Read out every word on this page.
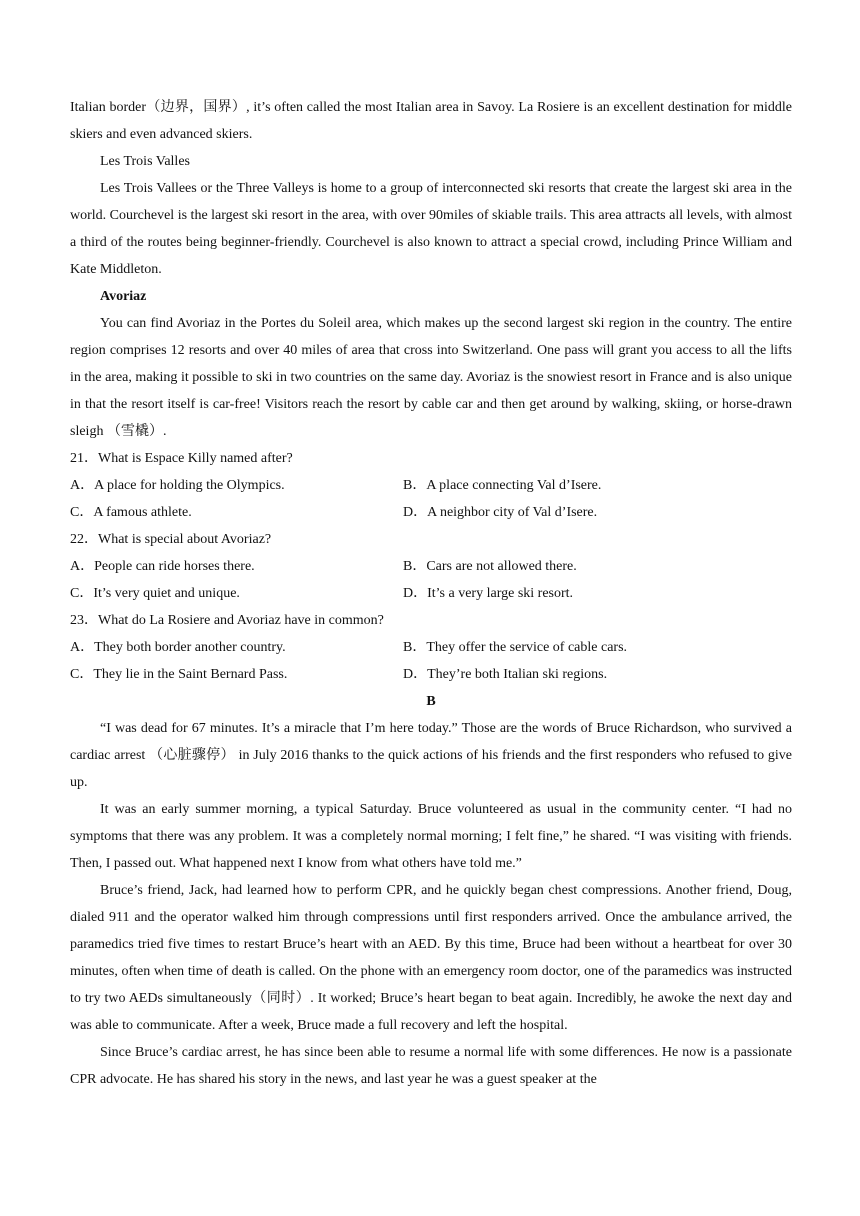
Italian border（边界，国界）, it’s often called the most Italian area in Savoy. La Rosiere is an excellent destination for middle skiers and even advanced skiers.

Les Trois Valles

Les Trois Vallees or the Three Valleys is home to a group of interconnected ski resorts that create the largest ski area in the world. Courchevel is the largest ski resort in the area, with over 90miles of skiable trails. This area attracts all levels, with almost a third of the routes being beginner-friendly. Courchevel is also known to attract a special crowd, including Prince William and Kate Middleton.

Avoriaz

You can find Avoriaz in the Portes du Soleil area, which makes up the second largest ski region in the country. The entire region comprises 12 resorts and over 40 miles of area that cross into Switzerland. One pass will grant you access to all the lifts in the area, making it possible to ski in two countries on the same day. Avoriaz is the snowiest resort in France and is also unique in that the resort itself is car-free! Visitors reach the resort by cable car and then get around by walking, skiing, or horse-drawn sleigh （雪橇）.

21．What is Espace Killy named after?

A．A place for holding the Olympics.	B．A place connecting Val d’Isere.

C．A famous athlete.	D．A neighbor city of Val d’Isere.

22．What is special about Avoriaz?

A．People can ride horses there.	B．Cars are not allowed there.

C．It’s very quiet and unique.	D．It’s a very large ski resort.

23．What do La Rosiere and Avoriaz have in common?

A．They both border another country.	B．They offer the service of cable cars.

C．They lie in the Saint Bernard Pass.	D．They’re both Italian ski regions.

B

“I was dead for 67 minutes. It’s a miracle that I’m here today.” Those are the words of Bruce Richardson, who survived a cardiac arrest （心脏骤停） in July 2016 thanks to the quick actions of his friends and the first responders who refused to give up.

It was an early summer morning, a typical Saturday. Bruce volunteered as usual in the community center. “I had no symptoms that there was any problem. It was a completely normal morning; I felt fine,” he shared. “I was visiting with friends. Then, I passed out. What happened next I know from what others have told me.”

Bruce’s friend, Jack, had learned how to perform CPR, and he quickly began chest compressions. Another friend, Doug, dialed 911 and the operator walked him through compressions until first responders arrived. Once the ambulance arrived, the paramedics tried five times to restart Bruce’s heart with an AED. By this time, Bruce had been without a heartbeat for over 30 minutes, often when time of death is called. On the phone with an emergency room doctor, one of the paramedics was instructed to try two AEDs simultaneously（同时）. It worked; Bruce’s heart began to beat again. Incredibly, he awoke the next day and was able to communicate. After a week, Bruce made a full recovery and left the hospital.

Since Bruce’s cardiac arrest, he has since been able to resume a normal life with some differences. He now is a passionate CPR advocate. He has shared his story in the news, and last year he was a guest speaker at the
